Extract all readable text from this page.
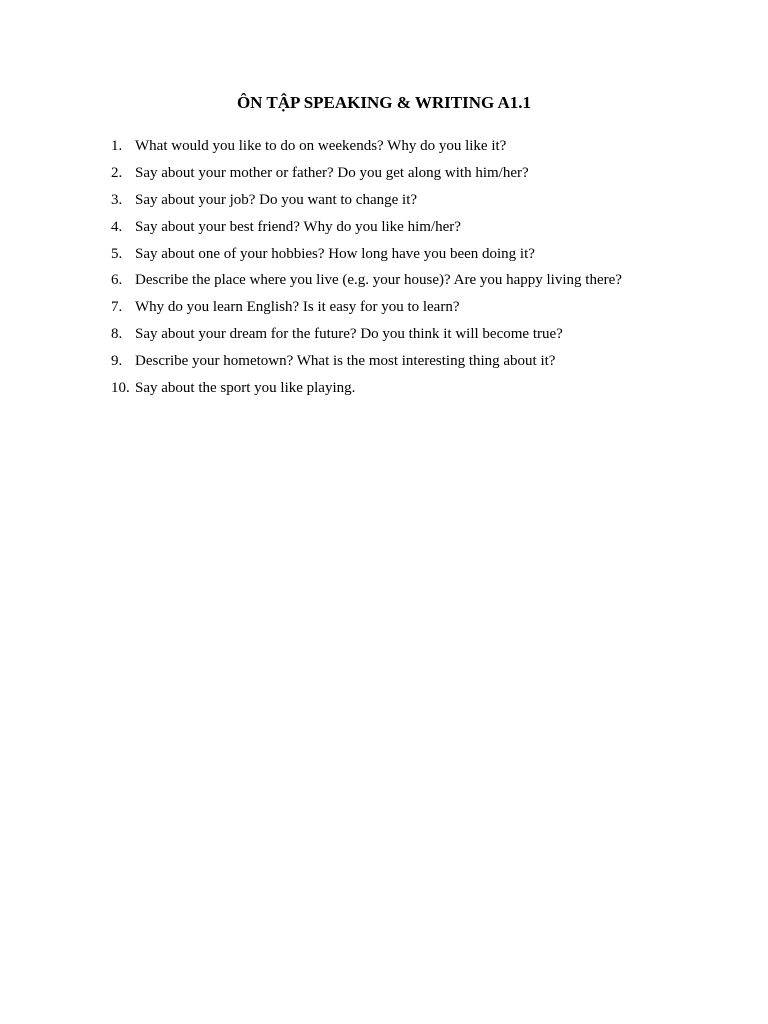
ÔN TẬP SPEAKING & WRITING A1.1
1. What would you like to do on weekends? Why do you like it?
2. Say about your mother or father? Do you get along with him/her?
3. Say about your job? Do you want to change it?
4. Say about your best friend? Why do you like him/her?
5. Say about one of your hobbies? How long have you been doing it?
6. Describe the place where you live (e.g. your house)? Are you happy living there?
7. Why do you learn English? Is it easy for you to learn?
8. Say about your dream for the future? Do you think it will become true?
9. Describe your hometown? What is the most interesting thing about it?
10. Say about the sport you like playing.
